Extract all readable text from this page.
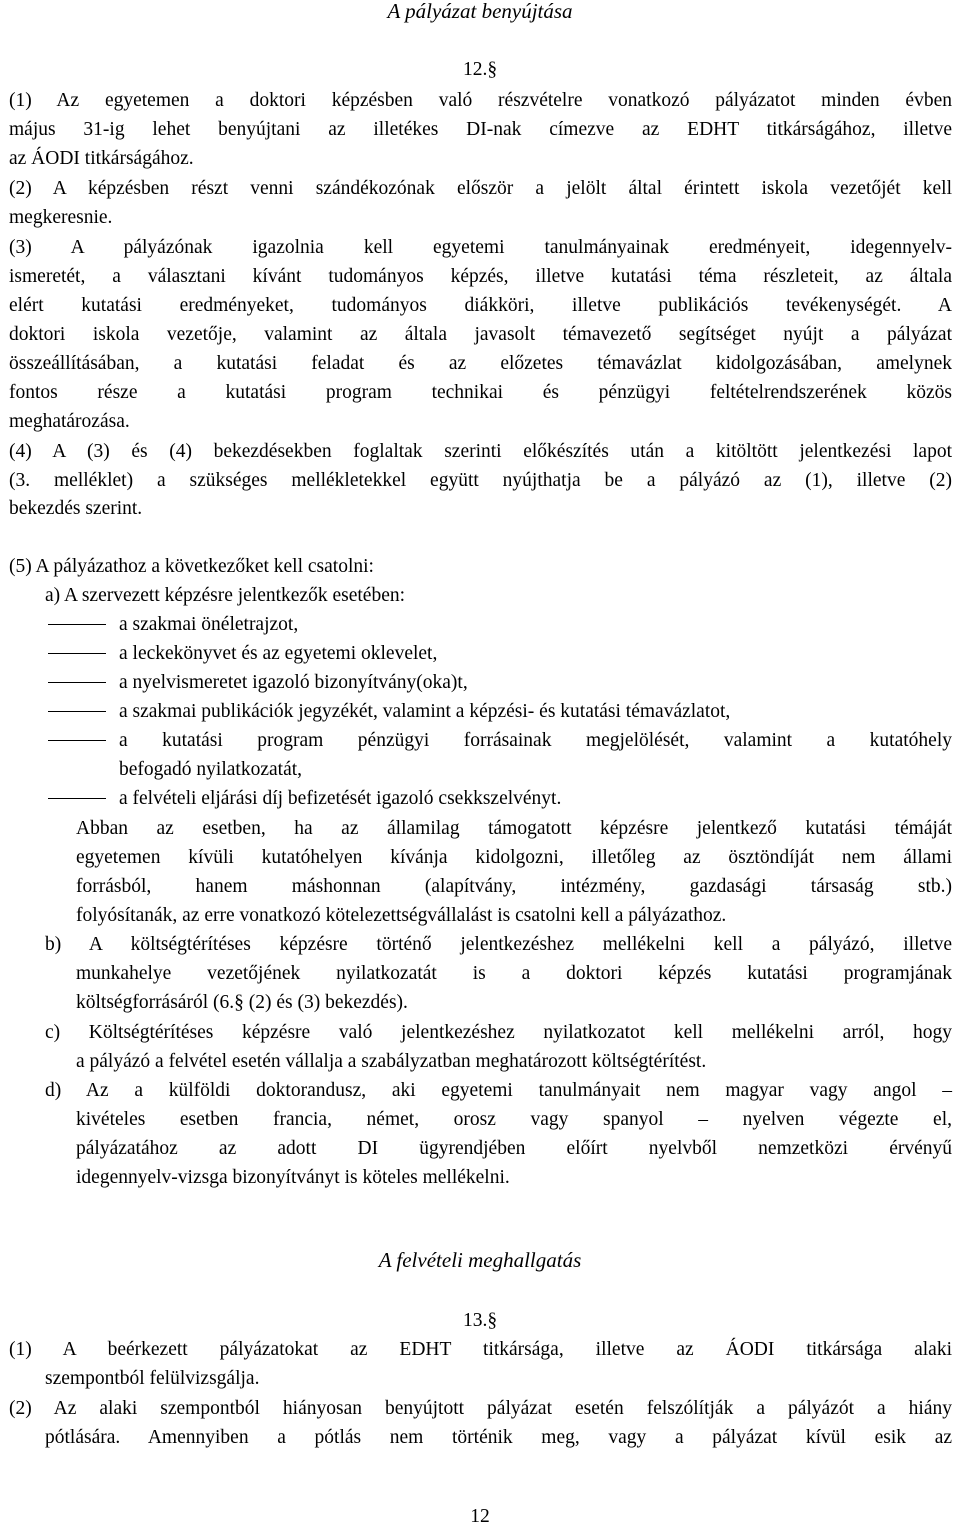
A pályázat benyújtása
12.§
(1) Az egyetemen a doktori képzésben való részvételre vonatkozó pályázatot minden évben
május 31-ig lehet benyújtani az illetékes DI-nak címezve az EDHT titkárságához, illetve
az ÁODI titkárságához.
(2) A képzésben részt venni szándékozónak először a jelölt által érintett iskola vezetőjét kell
megkeresnie.
(3) A pályázónak igazolnia kell egyetemi tanulmányainak eredményeit, idegennyelv-
ismeretét, a választani kívánt tudományos képzés, illetve kutatási téma részleteit, az általa
elért kutatási eredményeket, tudományos diákköri, illetve publikációs tevékenységét. A
doktori iskola vezetője, valamint az általa javasolt témavezető segítséget nyújt a pályázat
összeállításában, a kutatási feladat és az előzetes témavázlat kidolgozásában, amelynek
fontos része a kutatási program technikai és pénzügyi feltételrendszerének közös
meghatározása.
(4) A (3) és (4) bekezdésekben foglaltak szerinti előkészítés után a kitöltött jelentkezési lapot
(3. melléklet) a szükséges mellékletekkel együtt nyújthatja be a pályázó az (1), illetve (2)
bekezdés szerint.
(5) A pályázathoz a következőket kell csatolni:
a) A szervezett képzésre jelentkezők esetében:
a szakmai önéletrajzot,
a leckekönyvet és az egyetemi oklevelet,
a nyelvismeretet igazoló bizonyítvány(oka)t,
a szakmai publikációk jegyzékét, valamint a képzési- és kutatási témavázlatot,
a kutatási program pénzügyi forrásainak megjelölését, valamint a kutatóhely
befogadó nyilatkozatát,
a felvételi eljárási díj befizetését igazoló csekkszelvényt.
Abban az esetben, ha az államilag támogatott képzésre jelentkező kutatási témáját
egyetemen kívüli kutatóhelyen kívánja kidolgozni, illetőleg az ösztöndíját nem állami
forrásból, hanem máshonnan (alapítvány, intézmény, gazdasági társaság stb.)
folyósítanák, az erre vonatkozó kötelezettségvállalást is csatolni kell a pályázathoz.
b) A költségtérítéses képzésre történő jelentkezéshez mellékelni kell a pályázó, illetve
munkahelye vezetőjének nyilatkozatát is a doktori képzés kutatási programjának
költségforrásáról (6.§ (2) és (3) bekezdés).
c) Költségtérítéses képzésre való jelentkezéshez nyilatkozatot kell mellékelni arról, hogy
a pályázó a felvétel esetén vállalja a szabályzatban meghatározott költségtérítést.
d) Az a külföldi doktorandusz, aki egyetemi tanulmányait nem magyar vagy angol –
kivételes esetben francia, német, orosz vagy spanyol – nyelven végezte el,
pályázatához az adott DI ügyrendjében előírt nyelvből nemzetközi érvényű
idegennyelv-vizsga bizonyítványt is köteles mellékelni.
A felvételi meghallgatás
13.§
(1) A beérkezett pályázatokat az EDHT titkársága, illetve az ÁODI titkársága alaki
szempontból felülvizsgálja.
(2) Az alaki szempontból hiányosan benyújtott pályázat esetén felszólítják a pályázót a hiány
pótlására. Amennyiben a pótlás nem történik meg, vagy a pályázat kívül esik az
12
